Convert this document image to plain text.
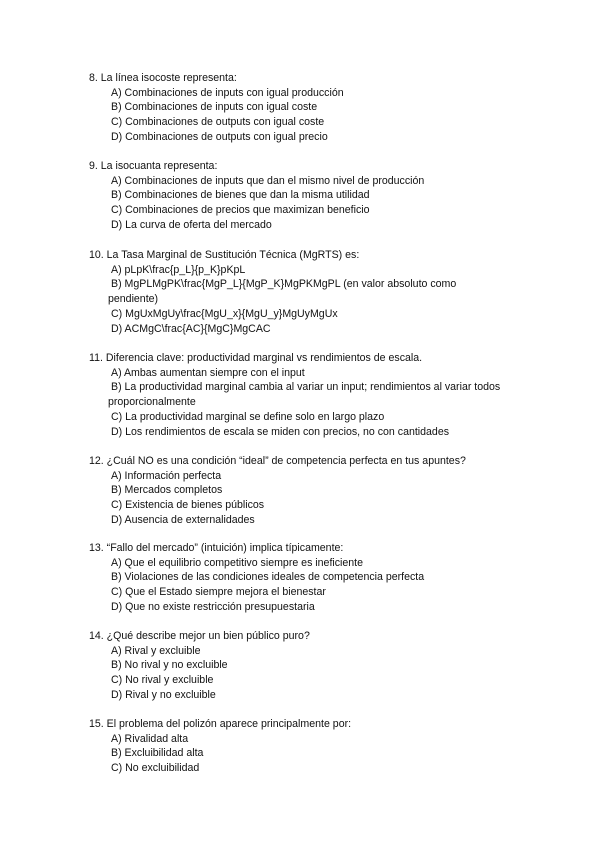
8. La línea isocoste representa:
A) Combinaciones de inputs con igual producción
B) Combinaciones de inputs con igual coste
C) Combinaciones de outputs con igual coste
D) Combinaciones de outputs con igual precio
9. La isocuanta representa:
A) Combinaciones de inputs que dan el mismo nivel de producción
B) Combinaciones de bienes que dan la misma utilidad
C) Combinaciones de precios que maximizan beneficio
D) La curva de oferta del mercado
10. La Tasa Marginal de Sustitución Técnica (MgRTS) es:
A) pLpK\frac{p_L}{p_K}pKpL
B) MgPLMgPK\frac{MgP_L}{MgP_K}MgPKMgPL (en valor absoluto como
pendiente)
C) MgUxMgUy\frac{MgU_x}{MgU_y}MgUyMgUx
D) ACMgC\frac{AC}{MgC}MgCAC
11. Diferencia clave: productividad marginal vs rendimientos de escala.
A) Ambas aumentan siempre con el input
B) La productividad marginal cambia al variar un input; rendimientos al variar todos
proporcionalmente
C) La productividad marginal se define solo en largo plazo
D) Los rendimientos de escala se miden con precios, no con cantidades
12. ¿Cuál NO es una condición “ideal” de competencia perfecta en tus apuntes?
A) Información perfecta
B) Mercados completos
C) Existencia de bienes públicos
D) Ausencia de externalidades
13. “Fallo del mercado” (intuición) implica típicamente:
A) Que el equilibrio competitivo siempre es ineficiente
B) Violaciones de las condiciones ideales de competencia perfecta
C) Que el Estado siempre mejora el bienestar
D) Que no existe restricción presupuestaria
14. ¿Qué describe mejor un bien público puro?
A) Rival y excluible
B) No rival y no excluible
C) No rival y excluible
D) Rival y no excluible
15. El problema del polizón aparece principalmente por:
A) Rivalidad alta
B) Excluibilidad alta
C) No excluibilidad
